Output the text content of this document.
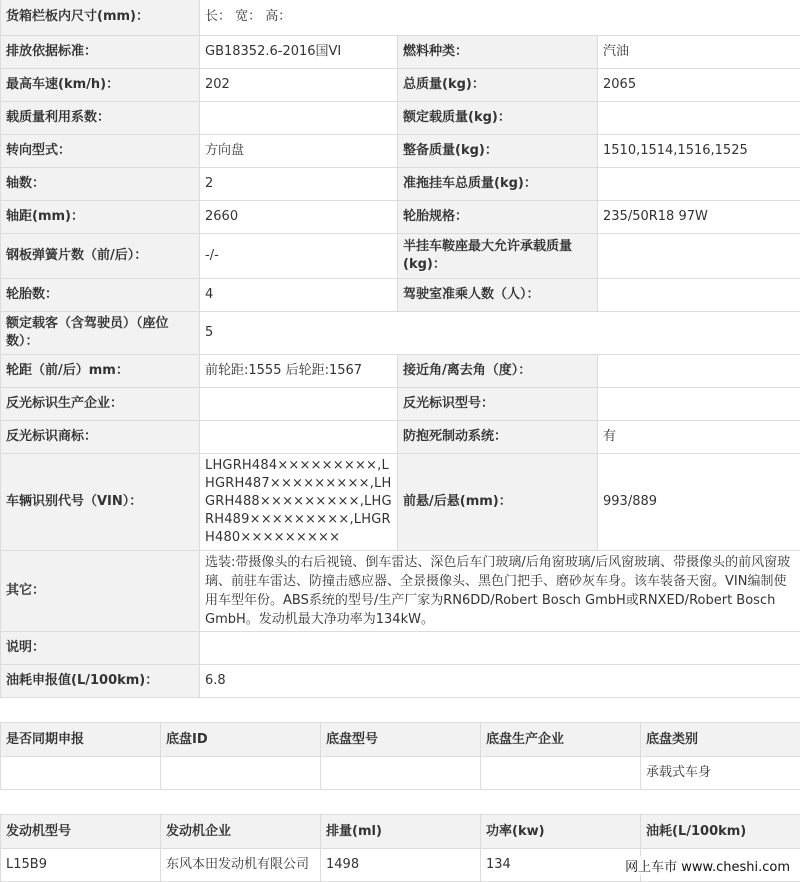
货箱栏板内尺寸(mm)：	长： 宽： 高：		
排放依据标准：	GB18352.6-2016国VI	燃料种类：	汽油
最高车速(km/h)：	202	总质量(kg)：	2065
载质量利用系数：		额定载质量(kg)：	
转向型式：	方向盘	整备质量(kg)：	1510,1514,1516,1525
轴数：	2	准拖挂车总质量(kg)：	
轴距(mm)：	2660	轮胎规格：	235/50R18 97W
钢板弹簧片数（前/后）：	-/-	半挂车鞍座最大允许承载质量(kg)：	
轮胎数：	4	驾驶室准乘人数（人）：	
额定载客（含驾驶员）（座位数）：	5		
轮距（前/后）mm：	前轮距:1555 后轮距:1567	接近角/离去角（度）：	
反光标识生产企业：		反光标识型号：	
反光标识商标：		防抱死制动系统：	有
车辆识别代号（VIN）：	LHGRH484×××××××××,LHGRH487×××××××××,LHGRH488×××××××××,LHGRH489×××××××××,LHGRH480×××××××××	前悬/后悬(mm)：	993/889
其它：	选装:带摄像头的右后视镜、倒车雷达、深色后车门玻璃/后角窗玻璃/后风窗玻璃、带摄像头的前风窗玻璃、前驻车雷达、防撞击感应器、全景摄像头、黑色门把手、磨砂灰车身。该车装备天窗。VIN编制使用车型年份。ABS系统的型号/生产厂家为RN6DD/Robert Bosch GmbH或RNXED/Robert Bosch GmbH。发动机最大净功率为134kW。		
说明：			
油耗申报值(L/100km)：	6.8		
是否同期申报	底盘ID	底盘型号	底盘生产企业	底盘类别
				承载式车身
发动机型号	发动机企业	排量(ml)	功率(kw)	油耗(L/100km)
L15B9	东风本田发动机有限公司	1498	134		网上车市 www.cheshi.com
